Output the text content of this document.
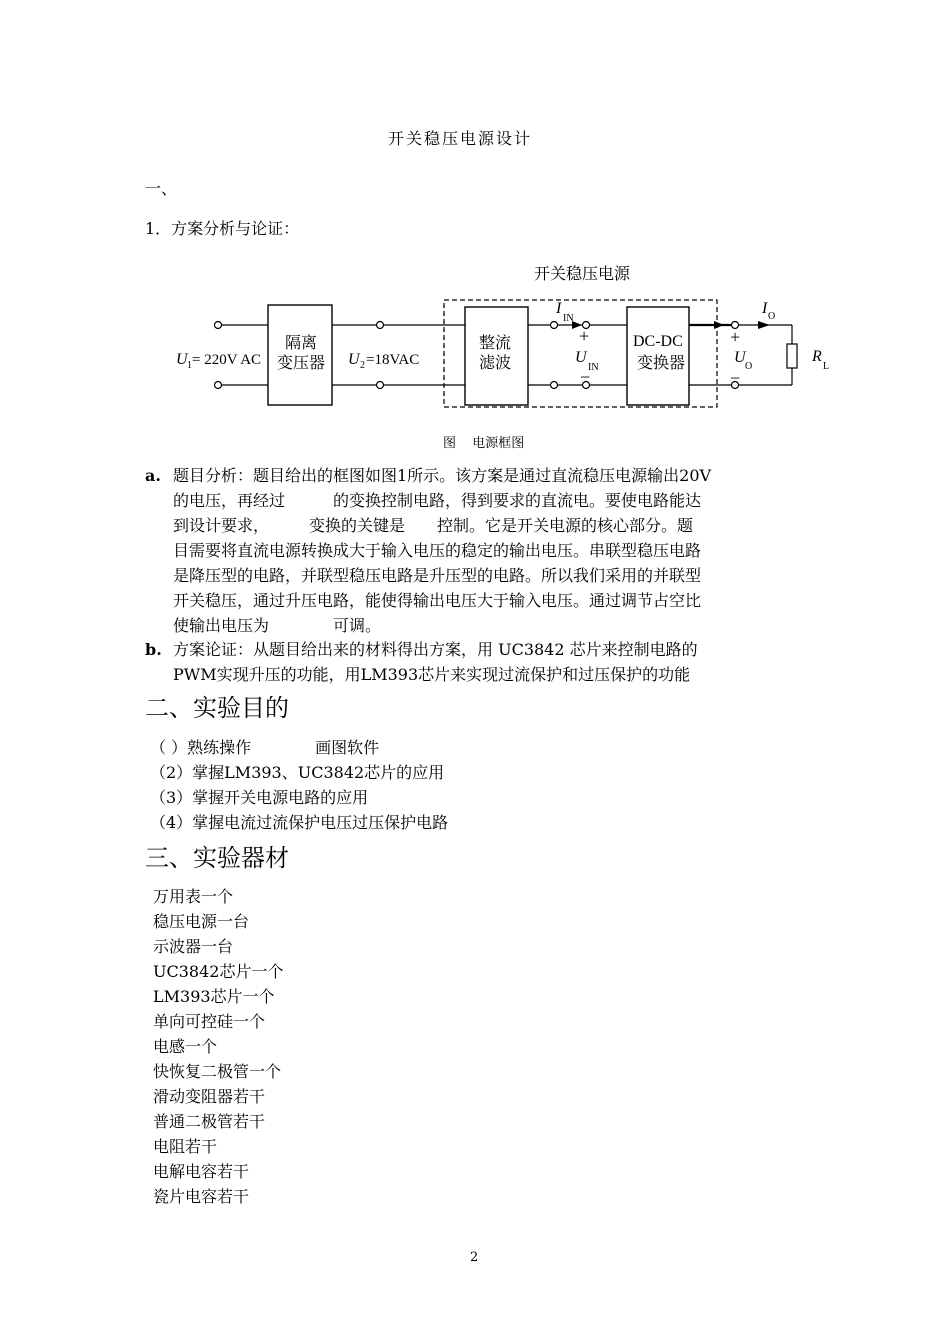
开关稳压电源设计
一、
1．方案分析与论证：
开关稳压电源
隔离
变压器
整流
滤波
DC-DC
变换器
U 1 = 220V AC	U 2 =18VAC
I
IN
+
U
IN
−
I O
+
U
O
−
R
L
图　 电源框图
a. 题目分析：题目给出的框图如图1所示。该方案是通过直流稳压电源输出20V
的电压，再经过　　　的变换控制电路，得到要求的直流电。要使电路能达
到设计要求，　　　变换的关键是　　控制。它是开关电源的核心部分。题
目需要将直流电源转换成大于输入电压的稳定的输出电压。串联型稳压电路
是降压型的电路，并联型稳压电路是升压型的电路。所以我们采用的并联型
开关稳压，通过升压电路，能使得输出电压大于输入电压。通过调节占空比
使输出电压为　　　　可调。
b. 方案论证：从题目给出来的材料得出方案，用 UC3842 芯片来控制电路的
PWM实现升压的功能，用LM393芯片来实现过流保护和过压保护的功能
二、实验目的
（ ）熟练操作　　　　画图软件
（2）掌握LM393、UC3842芯片的应用
（3）掌握开关电源电路的应用
（4）掌握电流过流保护电压过压保护电路
三、实验器材
万用表一个
稳压电源一台
示波器一台
UC3842芯片一个
LM393芯片一个
单向可控硅一个
电感一个
快恢复二极管一个
滑动变阻器若干
普通二极管若干
电阻若干
电解电容若干
瓷片电容若干
2
